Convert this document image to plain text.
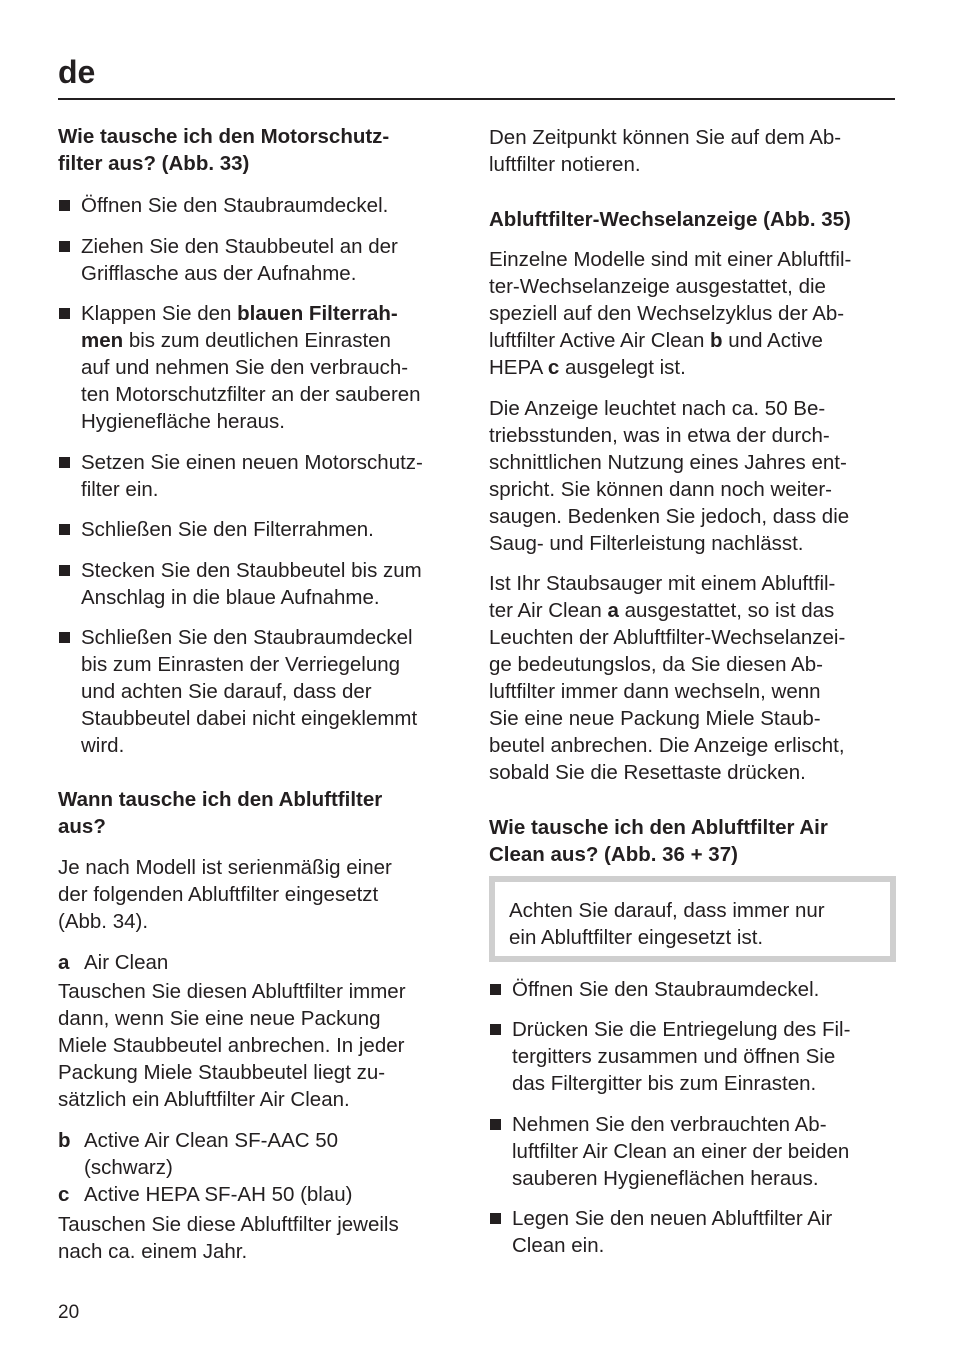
de
Wie tausche ich den Motorschutz-
filter aus? (Abb. 33)
Öffnen Sie den Staubraumdeckel.
Ziehen Sie den Staubbeutel an der
Grifflasche aus der Aufnahme.
Klappen Sie den blauen Filterrah-
men bis zum deutlichen Einrasten
auf und nehmen Sie den verbrauch-
ten Motorschutzfilter an der sauberen
Hygienefläche heraus.
Setzen Sie einen neuen Motorschutz-
filter ein.
Schließen Sie den Filterrahmen.
Stecken Sie den Staubbeutel bis zum
Anschlag in die blaue Aufnahme.
Schließen Sie den Staubraumdeckel
bis zum Einrasten der Verriegelung
und achten Sie darauf, dass der
Staubbeutel dabei nicht eingeklemmt
wird.
Wann tausche ich den Abluftfilter
aus?
Je nach Modell ist serienmäßig einer
der folgenden Abluftfilter eingesetzt
(Abb. 34).
a Air Clean
Tauschen Sie diesen Abluftfilter immer
dann, wenn Sie eine neue Packung
Miele Staubbeutel anbrechen. In jeder
Packung Miele Staubbeutel liegt zu-
sätzlich ein Abluftfilter Air Clean.
b Active Air Clean SF-AAC 50
(schwarz)
c Active HEPA SF-AH 50 (blau)
Tauschen Sie diese Abluftfilter jeweils
nach ca. einem Jahr.
Den Zeitpunkt können Sie auf dem Ab-
luftfilter notieren.
Abluftfilter-Wechselanzeige (Abb. 35)
Einzelne Modelle sind mit einer Abluftfil-
ter-Wechselanzeige ausgestattet, die
speziell auf den Wechselzyklus der Ab-
luftfilter Active Air Clean b und Active
HEPA c ausgelegt ist.
Die Anzeige leuchtet nach ca. 50 Be-
triebsstunden, was in etwa der durch-
schnittlichen Nutzung eines Jahres ent-
spricht. Sie können dann noch weiter-
saugen. Bedenken Sie jedoch, dass die
Saug- und Filterleistung nachlässt.
Ist Ihr Staubsauger mit einem Abluftfil-
ter Air Clean a ausgestattet, so ist das
Leuchten der Abluftfilter-Wechselanzei-
ge bedeutungslos, da Sie diesen Ab-
luftfilter immer dann wechseln, wenn
Sie eine neue Packung Miele Staub-
beutel anbrechen. Die Anzeige erlischt,
sobald Sie die Resettaste drücken.
Wie tausche ich den Abluftfilter Air
Clean aus? (Abb. 36 + 37)
Öffnen Sie den Staubraumdeckel.
Drücken Sie die Entriegelung des Fil-
tergitters zusammen und öffnen Sie
das Filtergitter bis zum Einrasten.
Nehmen Sie den verbrauchten Ab-
luftfilter Air Clean an einer der beiden
sauberen Hygieneflächen heraus.
Legen Sie den neuen Abluftfilter Air
Clean ein.
Achten Sie darauf, dass immer nur
ein Abluftfilter eingesetzt ist.
20
